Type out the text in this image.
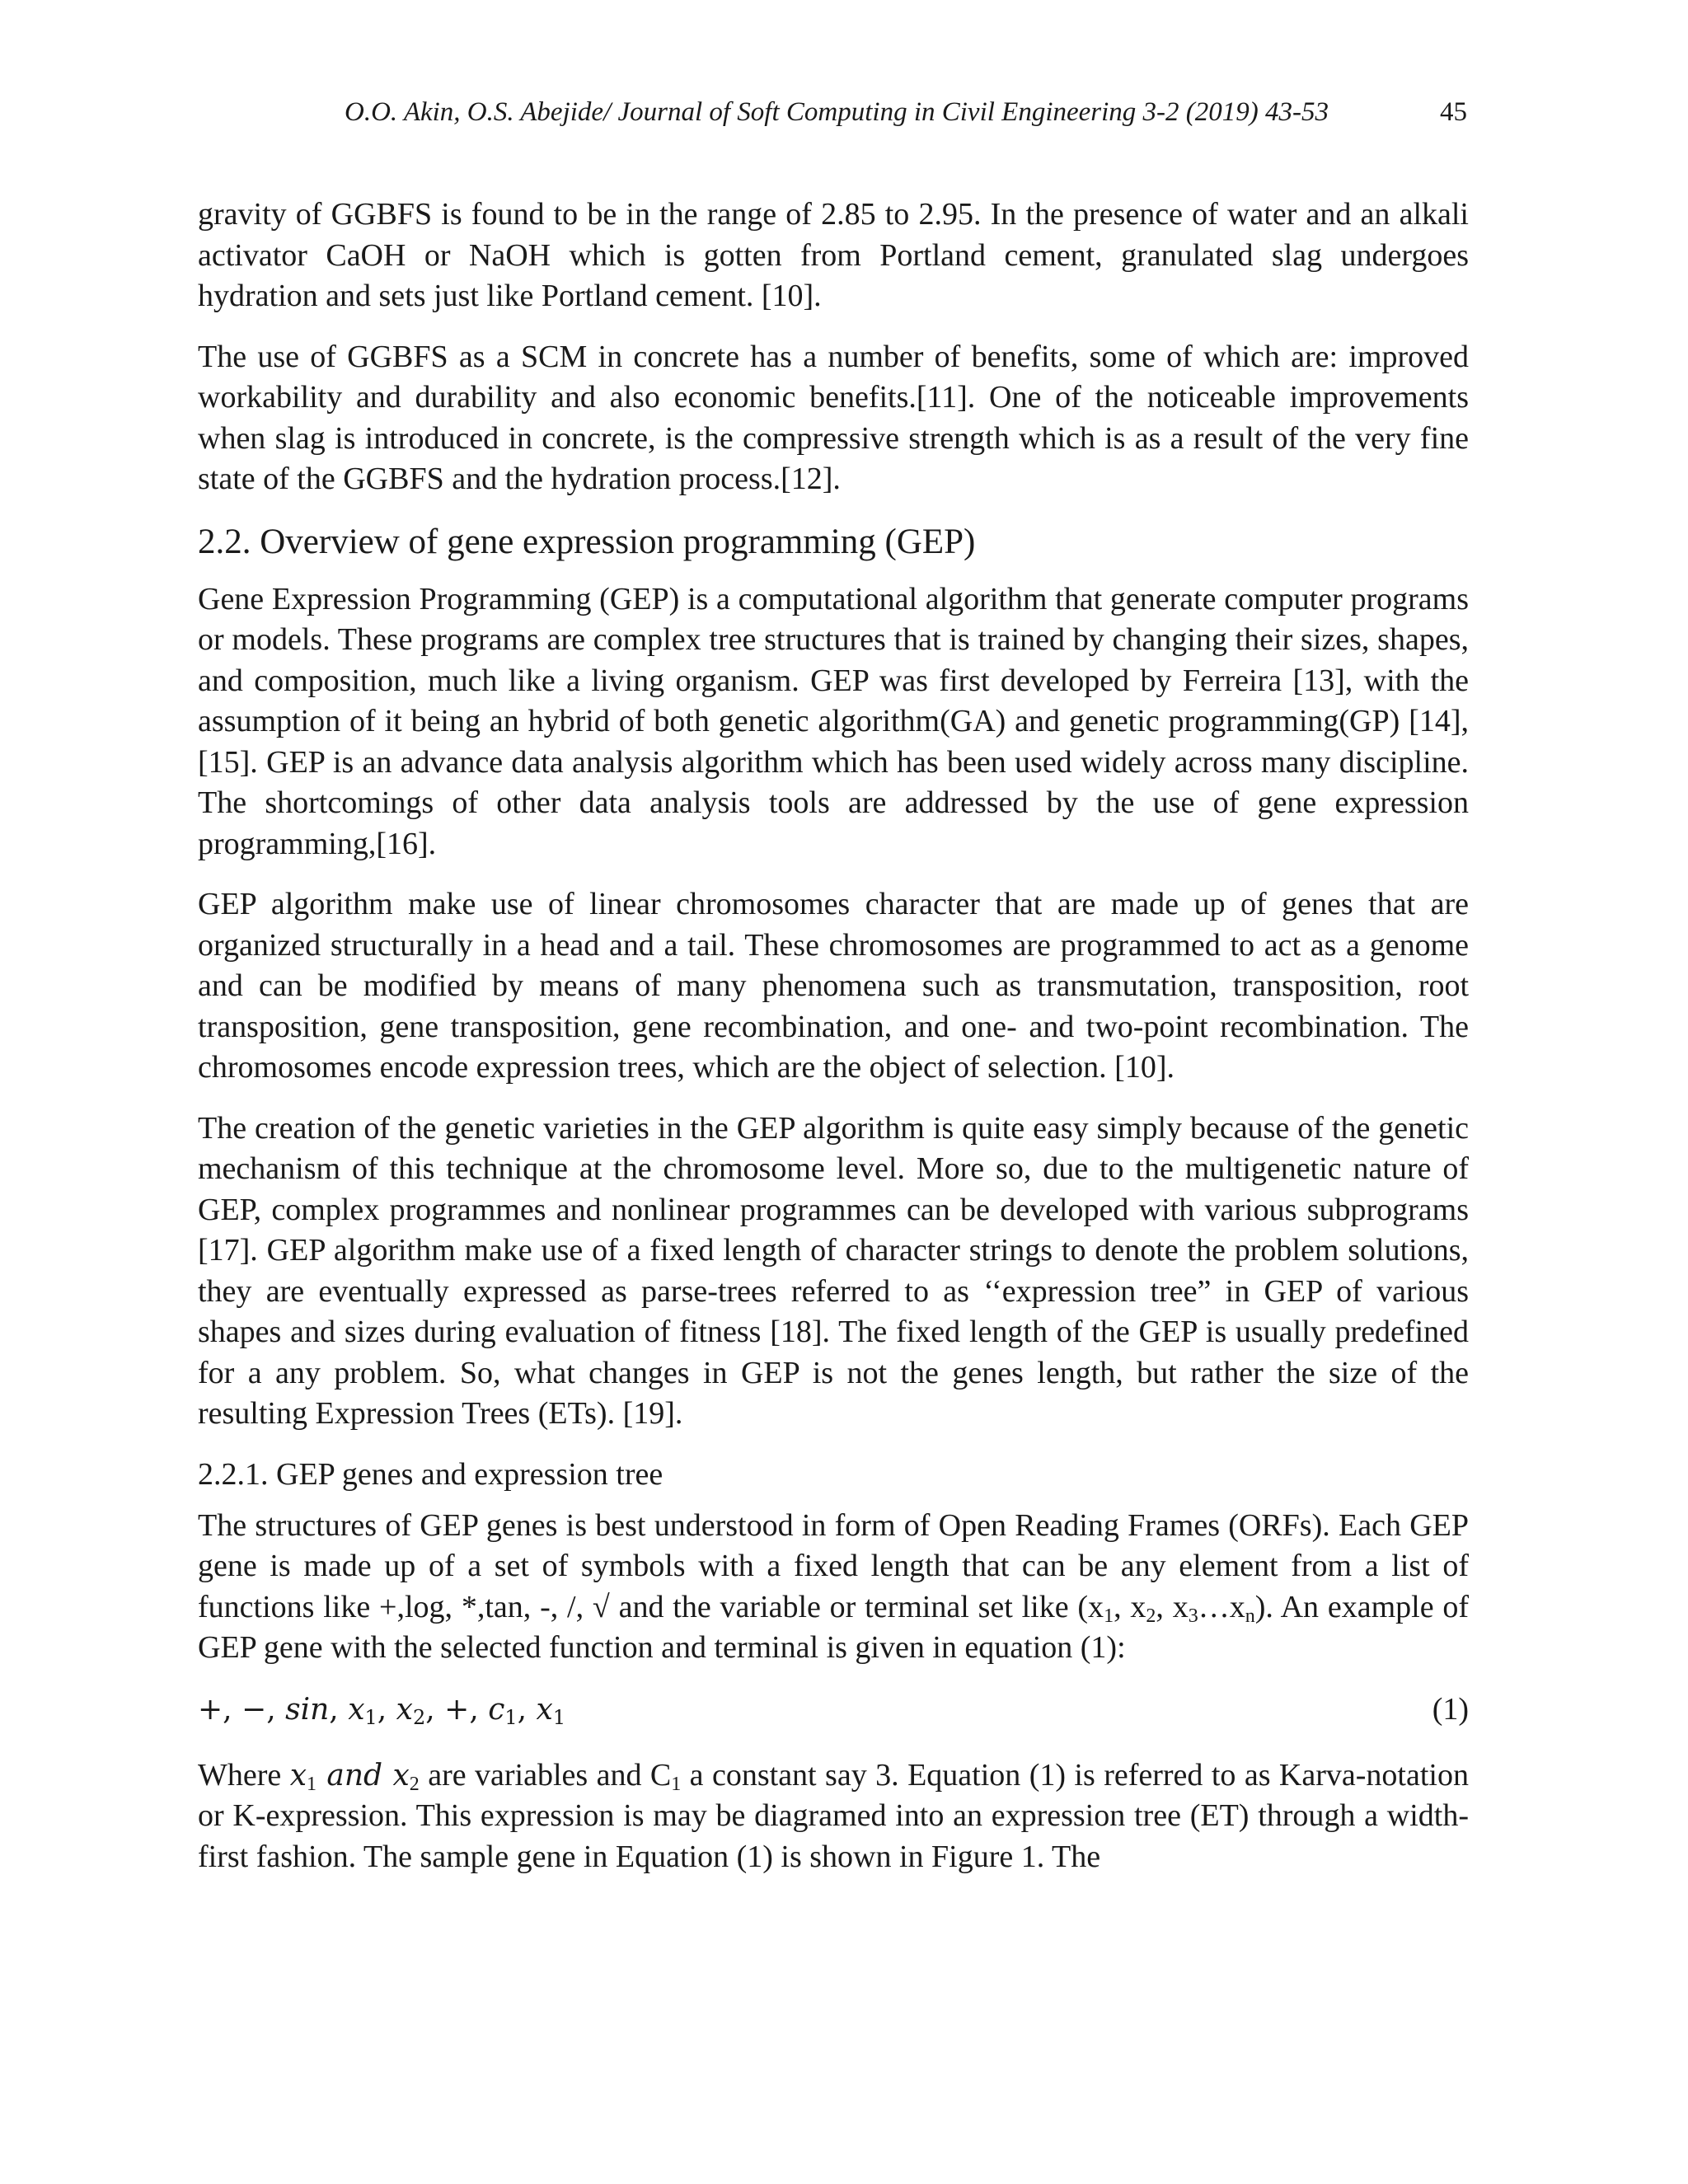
O.O. Akin, O.S. Abejide/ Journal of Soft Computing in Civil Engineering 3-2 (2019) 43-53	45

gravity of GGBFS is found to be in the range of 2.85 to 2.95. In the presence of water and an alkali activator CaOH or NaOH which is gotten from Portland cement, granulated slag undergoes hydration and sets just like Portland cement. [10].

The use of GGBFS as a SCM in concrete has a number of benefits, some of which are: improved workability and durability and also economic benefits.[11]. One of the noticeable improvements when slag is introduced in concrete, is the compressive strength which is as a result of the very fine state of the GGBFS and the hydration process.[12].

2.2. Overview of gene expression programming (GEP)

Gene Expression Programming (GEP) is a computational algorithm that generate computer programs or models. These programs are complex tree structures that is trained by changing their sizes, shapes, and composition, much like a living organism. GEP was first developed by Ferreira [13], with the assumption of it being an hybrid of both genetic algorithm(GA) and genetic programming(GP) [14], [15]. GEP is an advance data analysis algorithm which has been used widely across many discipline. The shortcomings of other data analysis tools are addressed by the use of gene expression programming,[16].

GEP algorithm make use of linear chromosomes character that are made up of genes that are organized structurally in a head and a tail. These chromosomes are programmed to act as a genome and can be modified by means of many phenomena such as transmutation, transposition, root transposition, gene transposition, gene recombination, and one- and two-point recombination. The chromosomes encode expression trees, which are the object of selection. [10].

The creation of the genetic varieties in the GEP algorithm is quite easy simply because of the genetic mechanism of this technique at the chromosome level. More so, due to the multigenetic nature of GEP, complex programmes and nonlinear programmes can be developed with various subprograms [17]. GEP algorithm make use of a fixed length of character strings to denote the problem solutions, they are eventually expressed as parse-trees referred to as ‘‘expression tree” in GEP of various shapes and sizes during evaluation of fitness [18]. The fixed length of the GEP is usually predefined for a any problem. So, what changes in GEP is not the genes length, but rather the size of the resulting Expression Trees (ETs). [19].

2.2.1. GEP genes and expression tree

The structures of GEP genes is best understood in form of Open Reading Frames (ORFs). Each GEP gene is made up of a set of symbols with a fixed length that can be any element from a list of functions like +,log, *,tan, -, /, √ and the variable or terminal set like ($x_1$, $x_2$, $x_3\dots x_n$). An example of GEP gene with the selected function and terminal is given in equation (1):

+, −, sin, $x_1$, $x_2$, +, $c_1$, $x_1$	(1)

Where $x_1$ and $x_2$ are variables and $C_1$ a constant say 3. Equation (1) is referred to as Karva-notation or K-expression. This expression is may be diagramed into an expression tree (ET) through a width-first fashion. The sample gene in Equation (1) is shown in Figure 1. The
